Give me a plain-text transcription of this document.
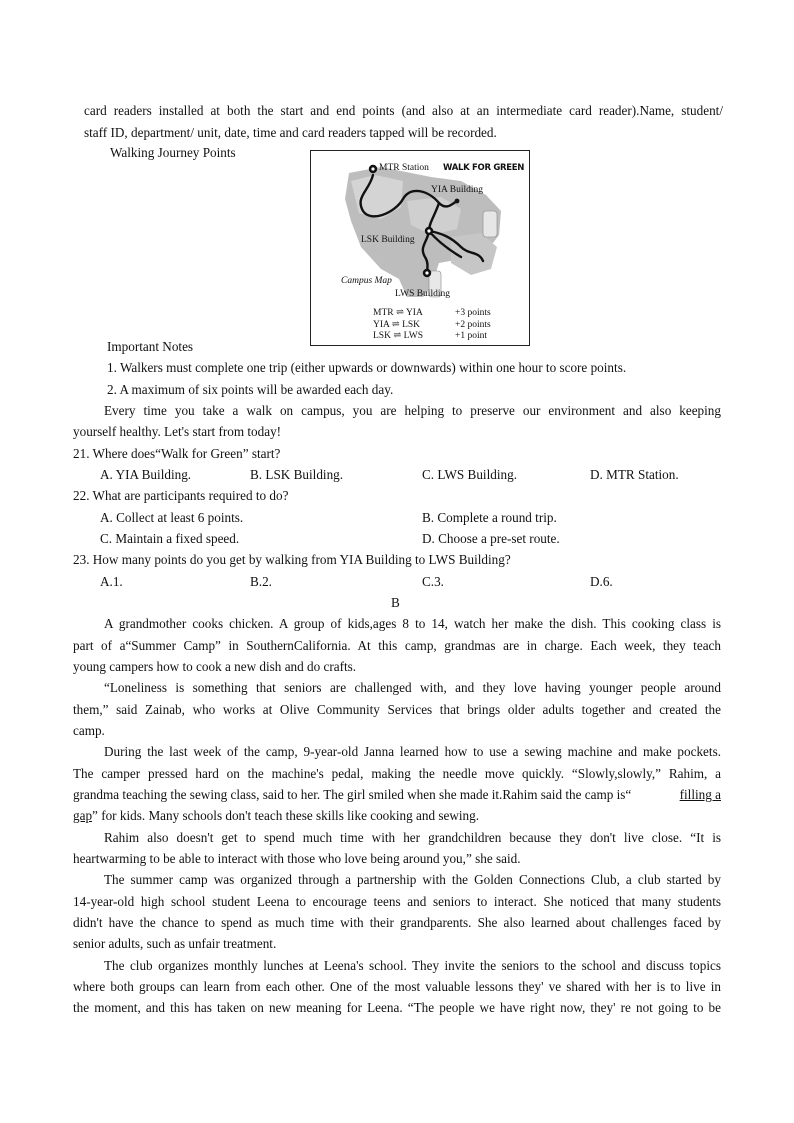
card readers installed at both the start and end points (and also at an intermediate card reader).Name, student/
staff ID, department/ unit, date, time and card readers tapped will be recorded.
Walking Journey Points
MTR Station WALK FOR GREEN
YIA Building
LSK Building
Campus Map
LWS Building
MTR ⇌ YIA	+3 points
YIA ⇌ LSK	+2 points
LSK ⇌ LWS	+1 point
Important Notes
1. Walkers must complete one trip (either upwards or downwards) within one hour to score points.
2. A maximum of six points will be awarded each day.
Every time you take a walk on campus, you are helping to preserve our environment and also keeping
yourself healthy. Let's start from today!
21. Where does“Walk for Green” start?
A. YIA Building.	B. LSK Building.	C. LWS Building.	D. MTR Station.
22. What are participants required to do?
A. Collect at least 6 points.	B. Complete a round trip.
C. Maintain a fixed speed.	D. Choose a pre-set route.
23. How many points do you get by walking from YIA Building to LWS Building?
A.1.	B.2.	C.3.	D.6.
B
A grandmother cooks chicken. A group of kids,ages 8 to 14, watch her make the dish. This cooking class is
part of a“Summer Camp” in SouthernCalifornia. At this camp, grandmas are in charge. Each week, they teach
young campers how to cook a new dish and do crafts.
“Loneliness is something that seniors are challenged with, and they love having younger people around
them,” said Zainab, who works at Olive Community Services that brings older adults together and created the
camp.
During the last week of the camp, 9-year-old Janna learned how to use a sewing machine and make pockets.
The camper pressed hard on the machine's pedal, making the needle move quickly. “Slowly,slowly,” Rahim, a
grandma teaching the sewing class, said to her. The girl smiled when she made it.Rahim said the camp is“	filling a
gap” for kids. Many schools don't teach these skills like cooking and sewing.
Rahim also doesn't get to spend much time with her grandchildren because they don't live close. “It is
heartwarming to be able to interact with those who love being around you,” she said.
The summer camp was organized through a partnership with the Golden Connections Club, a club started by
14-year-old high school student Leena to encourage teens and seniors to interact. She noticed that many students
didn't have the chance to spend as much time with their grandparents. She also learned about challenges faced by
senior adults, such as unfair treatment.
The club organizes monthly lunches at Leena's school. They invite the seniors to the school and discuss topics
where both groups can learn from each other. One of the most valuable lessons they' ve shared with her is to live in
the moment, and this has taken on new meaning for Leena. “The people we have right now, they' re not going to be
